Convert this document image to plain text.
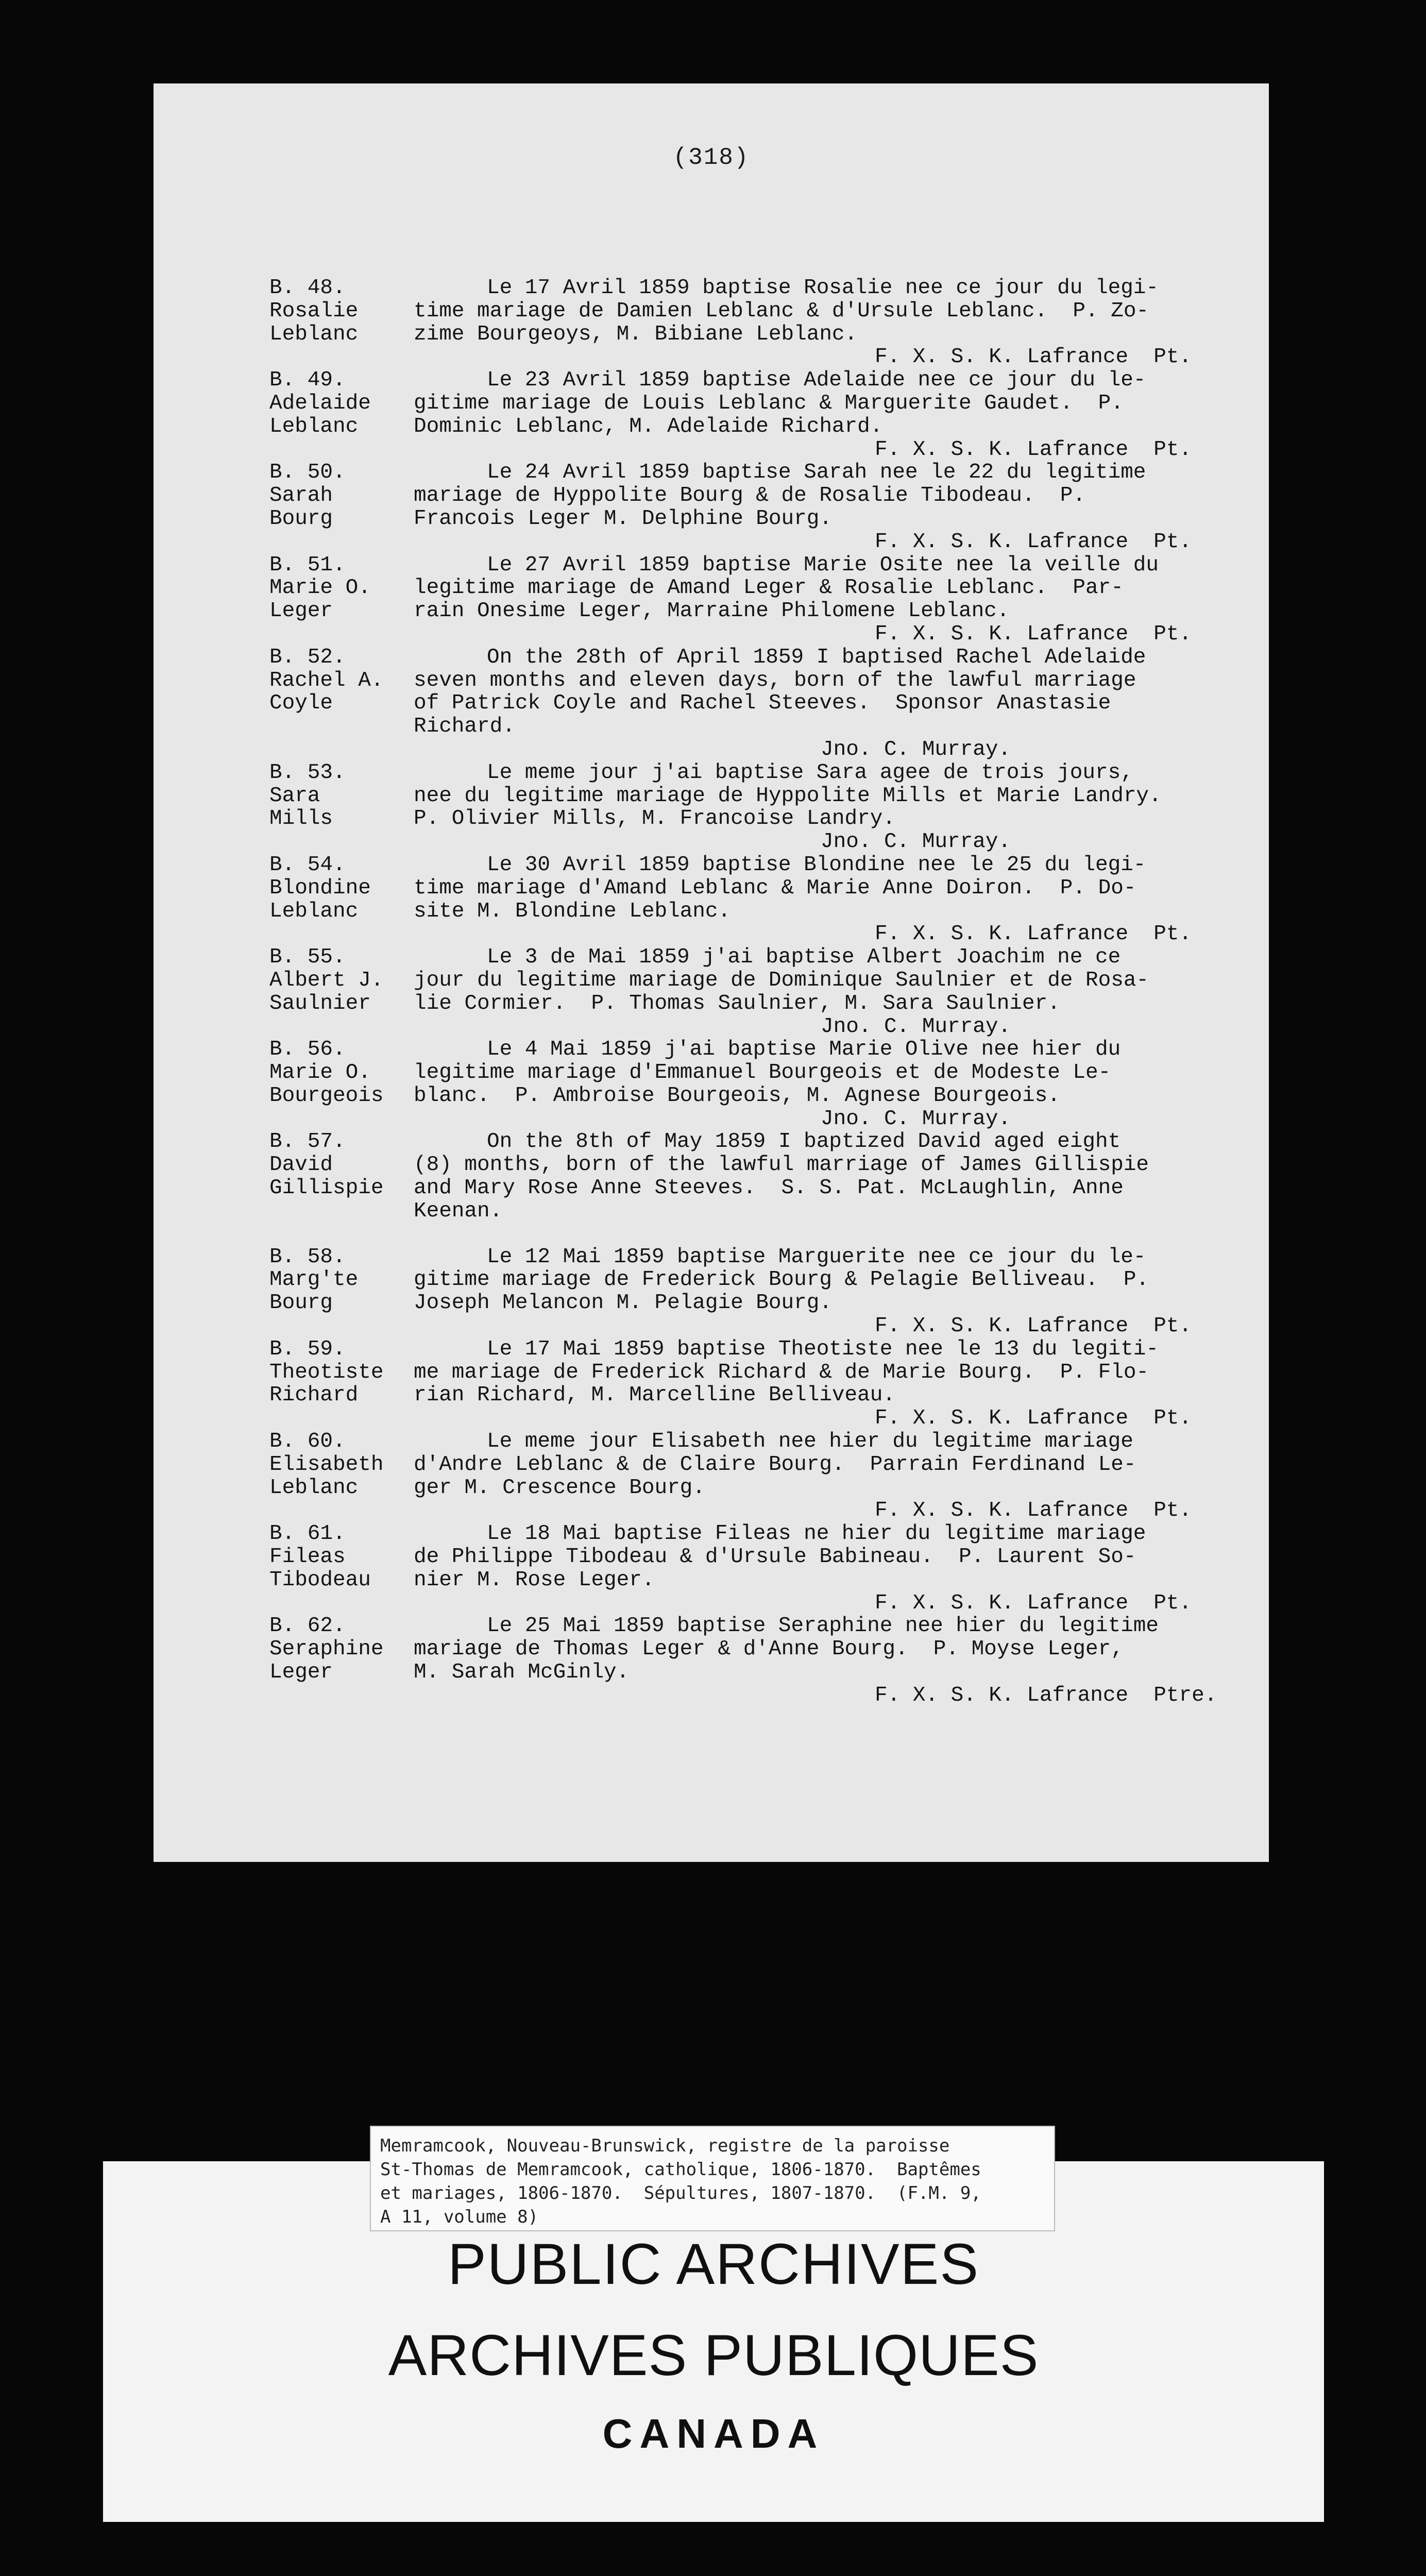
(318)
B. 48.
Rosalie
Leblanc
Le 17 Avril 1859 baptise Rosalie nee ce jour du legi-
time mariage de Damien Leblanc & d'Ursule Leblanc.  P. Zo-
zime Bourgeoys, M. Bibiane Leblanc.
F. X. S. K. Lafrance  Pt.
B. 49.
Adelaide
Leblanc
Le 23 Avril 1859 baptise Adelaide nee ce jour du le-
gitime mariage de Louis Leblanc & Marguerite Gaudet.  P.
Dominic Leblanc, M. Adelaide Richard.
F. X. S. K. Lafrance  Pt.
B. 50.
Sarah
Bourg
Le 24 Avril 1859 baptise Sarah nee le 22 du legitime
mariage de Hyppolite Bourg & de Rosalie Tibodeau.  P.
Francois Leger M. Delphine Bourg.
F. X. S. K. Lafrance  Pt.
B. 51.
Marie O.
Leger
Le 27 Avril 1859 baptise Marie Osite nee la veille du
legitime mariage de Amand Leger & Rosalie Leblanc.  Par-
rain Onesime Leger, Marraine Philomene Leblanc.
F. X. S. K. Lafrance  Pt.
B. 52.
Rachel A.
Coyle
On the 28th of April 1859 I baptised Rachel Adelaide
seven months and eleven days, born of the lawful marriage
of Patrick Coyle and Rachel Steeves.  Sponsor Anastasie
Richard.
Jno. C. Murray.
B. 53.
Sara
Mills
Le meme jour j'ai baptise Sara agee de trois jours,
nee du legitime mariage de Hyppolite Mills et Marie Landry.
P. Olivier Mills, M. Francoise Landry.
Jno. C. Murray.
B. 54.
Blondine
Leblanc
Le 30 Avril 1859 baptise Blondine nee le 25 du legi-
time mariage d'Amand Leblanc & Marie Anne Doiron.  P. Do-
site M. Blondine Leblanc.
F. X. S. K. Lafrance  Pt.
B. 55.
Albert J.
Saulnier
Le 3 de Mai 1859 j'ai baptise Albert Joachim ne ce
jour du legitime mariage de Dominique Saulnier et de Rosa-
lie Cormier.  P. Thomas Saulnier, M. Sara Saulnier.
Jno. C. Murray.
B. 56.
Marie O.
Bourgeois
Le 4 Mai 1859 j'ai baptise Marie Olive nee hier du
legitime mariage d'Emmanuel Bourgeois et de Modeste Le-
blanc.  P. Ambroise Bourgeois, M. Agnese Bourgeois.
Jno. C. Murray.
B. 57.
David
Gillispie
On the 8th of May 1859 I baptized David aged eight
(8) months, born of the lawful marriage of James Gillispie
and Mary Rose Anne Steeves.  S. S. Pat. McLaughlin, Anne
Keenan.
B. 58.
Marg'te
Bourg
Le 12 Mai 1859 baptise Marguerite nee ce jour du le-
gitime mariage de Frederick Bourg & Pelagie Belliveau.  P.
Joseph Melancon M. Pelagie Bourg.
F. X. S. K. Lafrance  Pt.
B. 59.
Theotiste
Richard
Le 17 Mai 1859 baptise Theotiste nee le 13 du legiti-
me mariage de Frederick Richard & de Marie Bourg.  P. Flo-
rian Richard, M. Marcelline Belliveau.
F. X. S. K. Lafrance  Pt.
B. 60.
Elisabeth
Leblanc
Le meme jour Elisabeth nee hier du legitime mariage
d'Andre Leblanc & de Claire Bourg.  Parrain Ferdinand Le-
ger M. Crescence Bourg.
F. X. S. K. Lafrance  Pt.
B. 61.
Fileas
Tibodeau
Le 18 Mai baptise Fileas ne hier du legitime mariage
de Philippe Tibodeau & d'Ursule Babineau.  P. Laurent So-
nier M. Rose Leger.
F. X. S. K. Lafrance  Pt.
B. 62.
Seraphine
Leger
Le 25 Mai 1859 baptise Seraphine nee hier du legitime
mariage de Thomas Leger & d'Anne Bourg.  P. Moyse Leger,
M. Sarah McGinly.
F. X. S. K. Lafrance  Ptre.
Memramcook, Nouveau-Brunswick, registre de la paroisse
St-Thomas de Memramcook, catholique, 1806-1870.  Baptêmes
et mariages, 1806-1870.  Sépultures, 1807-1870.  (F.M. 9,
A 11, volume 8)
PUBLIC ARCHIVES
ARCHIVES PUBLIQUES
CANADA
